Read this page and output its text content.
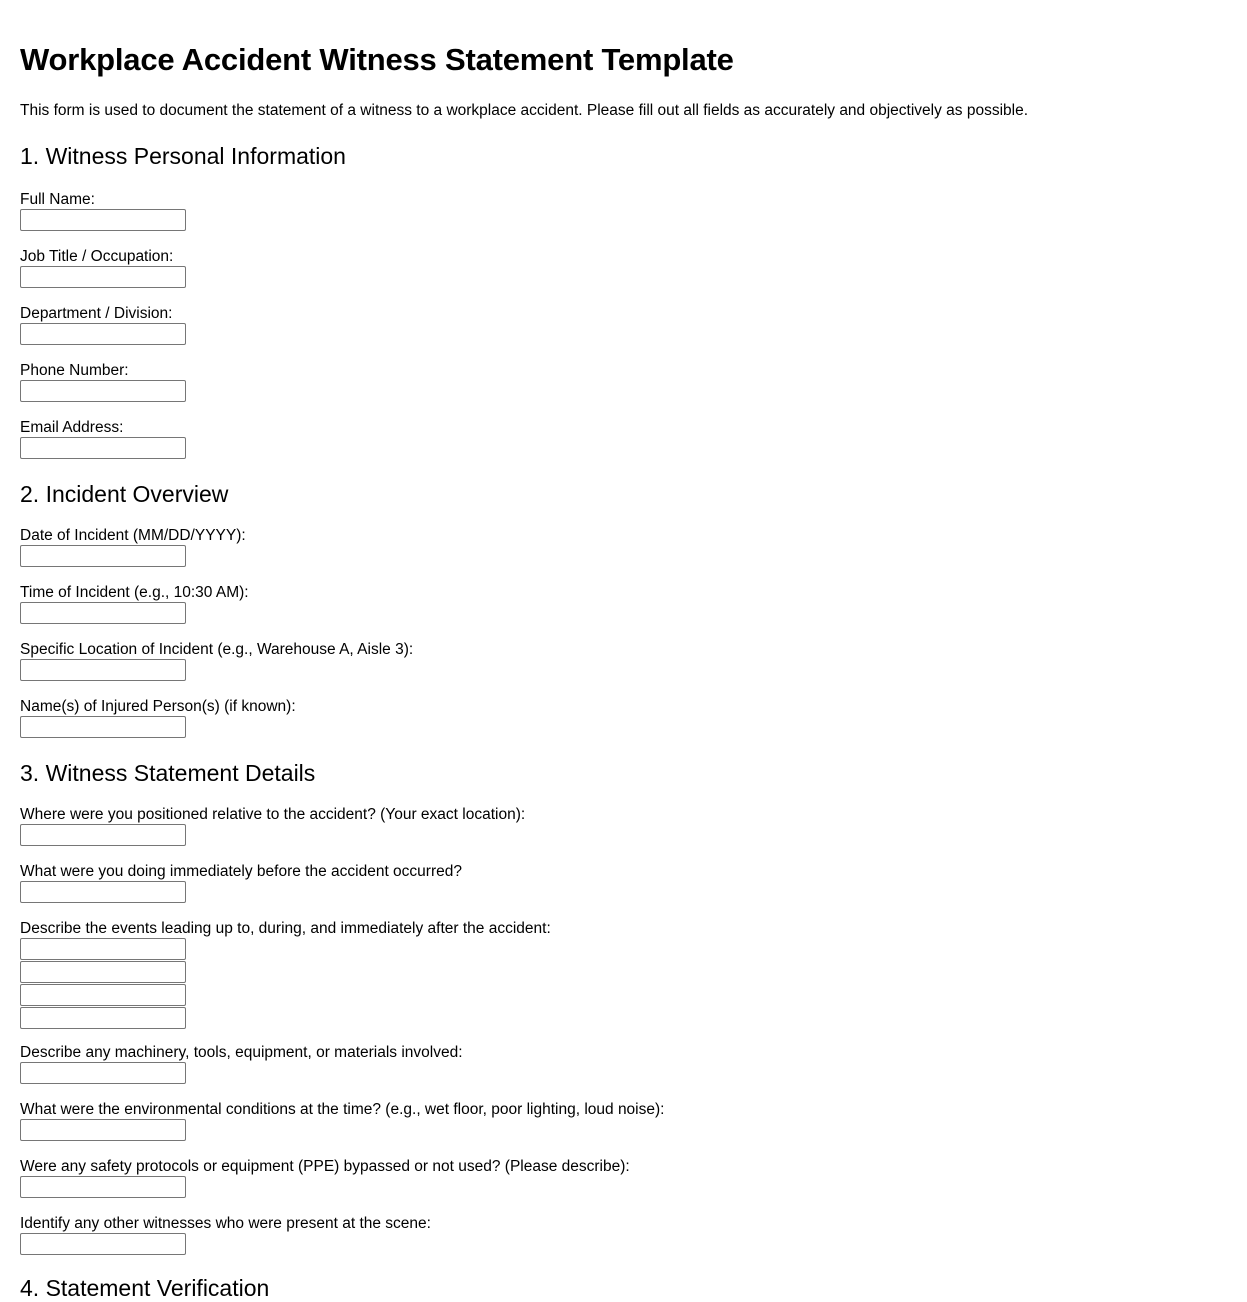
Workplace Accident Witness Statement Template

This form is used to document the statement of a witness to a workplace accident. Please fill out all fields as accurately and objectively as possible.

1. Witness Personal Information
Full Name:
Job Title / Occupation:
Department / Division:
Phone Number:
Email Address:
2. Incident Overview
Date of Incident (MM/DD/YYYY):
Time of Incident (e.g., 10:30 AM):
Specific Location of Incident (e.g., Warehouse A, Aisle 3):
Name(s) of Injured Person(s) (if known):
3. Witness Statement Details
Where were you positioned relative to the accident? (Your exact location):
What were you doing immediately before the accident occurred?
Describe the events leading up to, during, and immediately after the accident:
Describe any machinery, tools, equipment, or materials involved:
What were the environmental conditions at the time? (e.g., wet floor, poor lighting, loud noise):
Were any safety protocols or equipment (PPE) bypassed or not used? (Please describe):
Identify any other witnesses who were present at the scene:
4. Statement Verification
